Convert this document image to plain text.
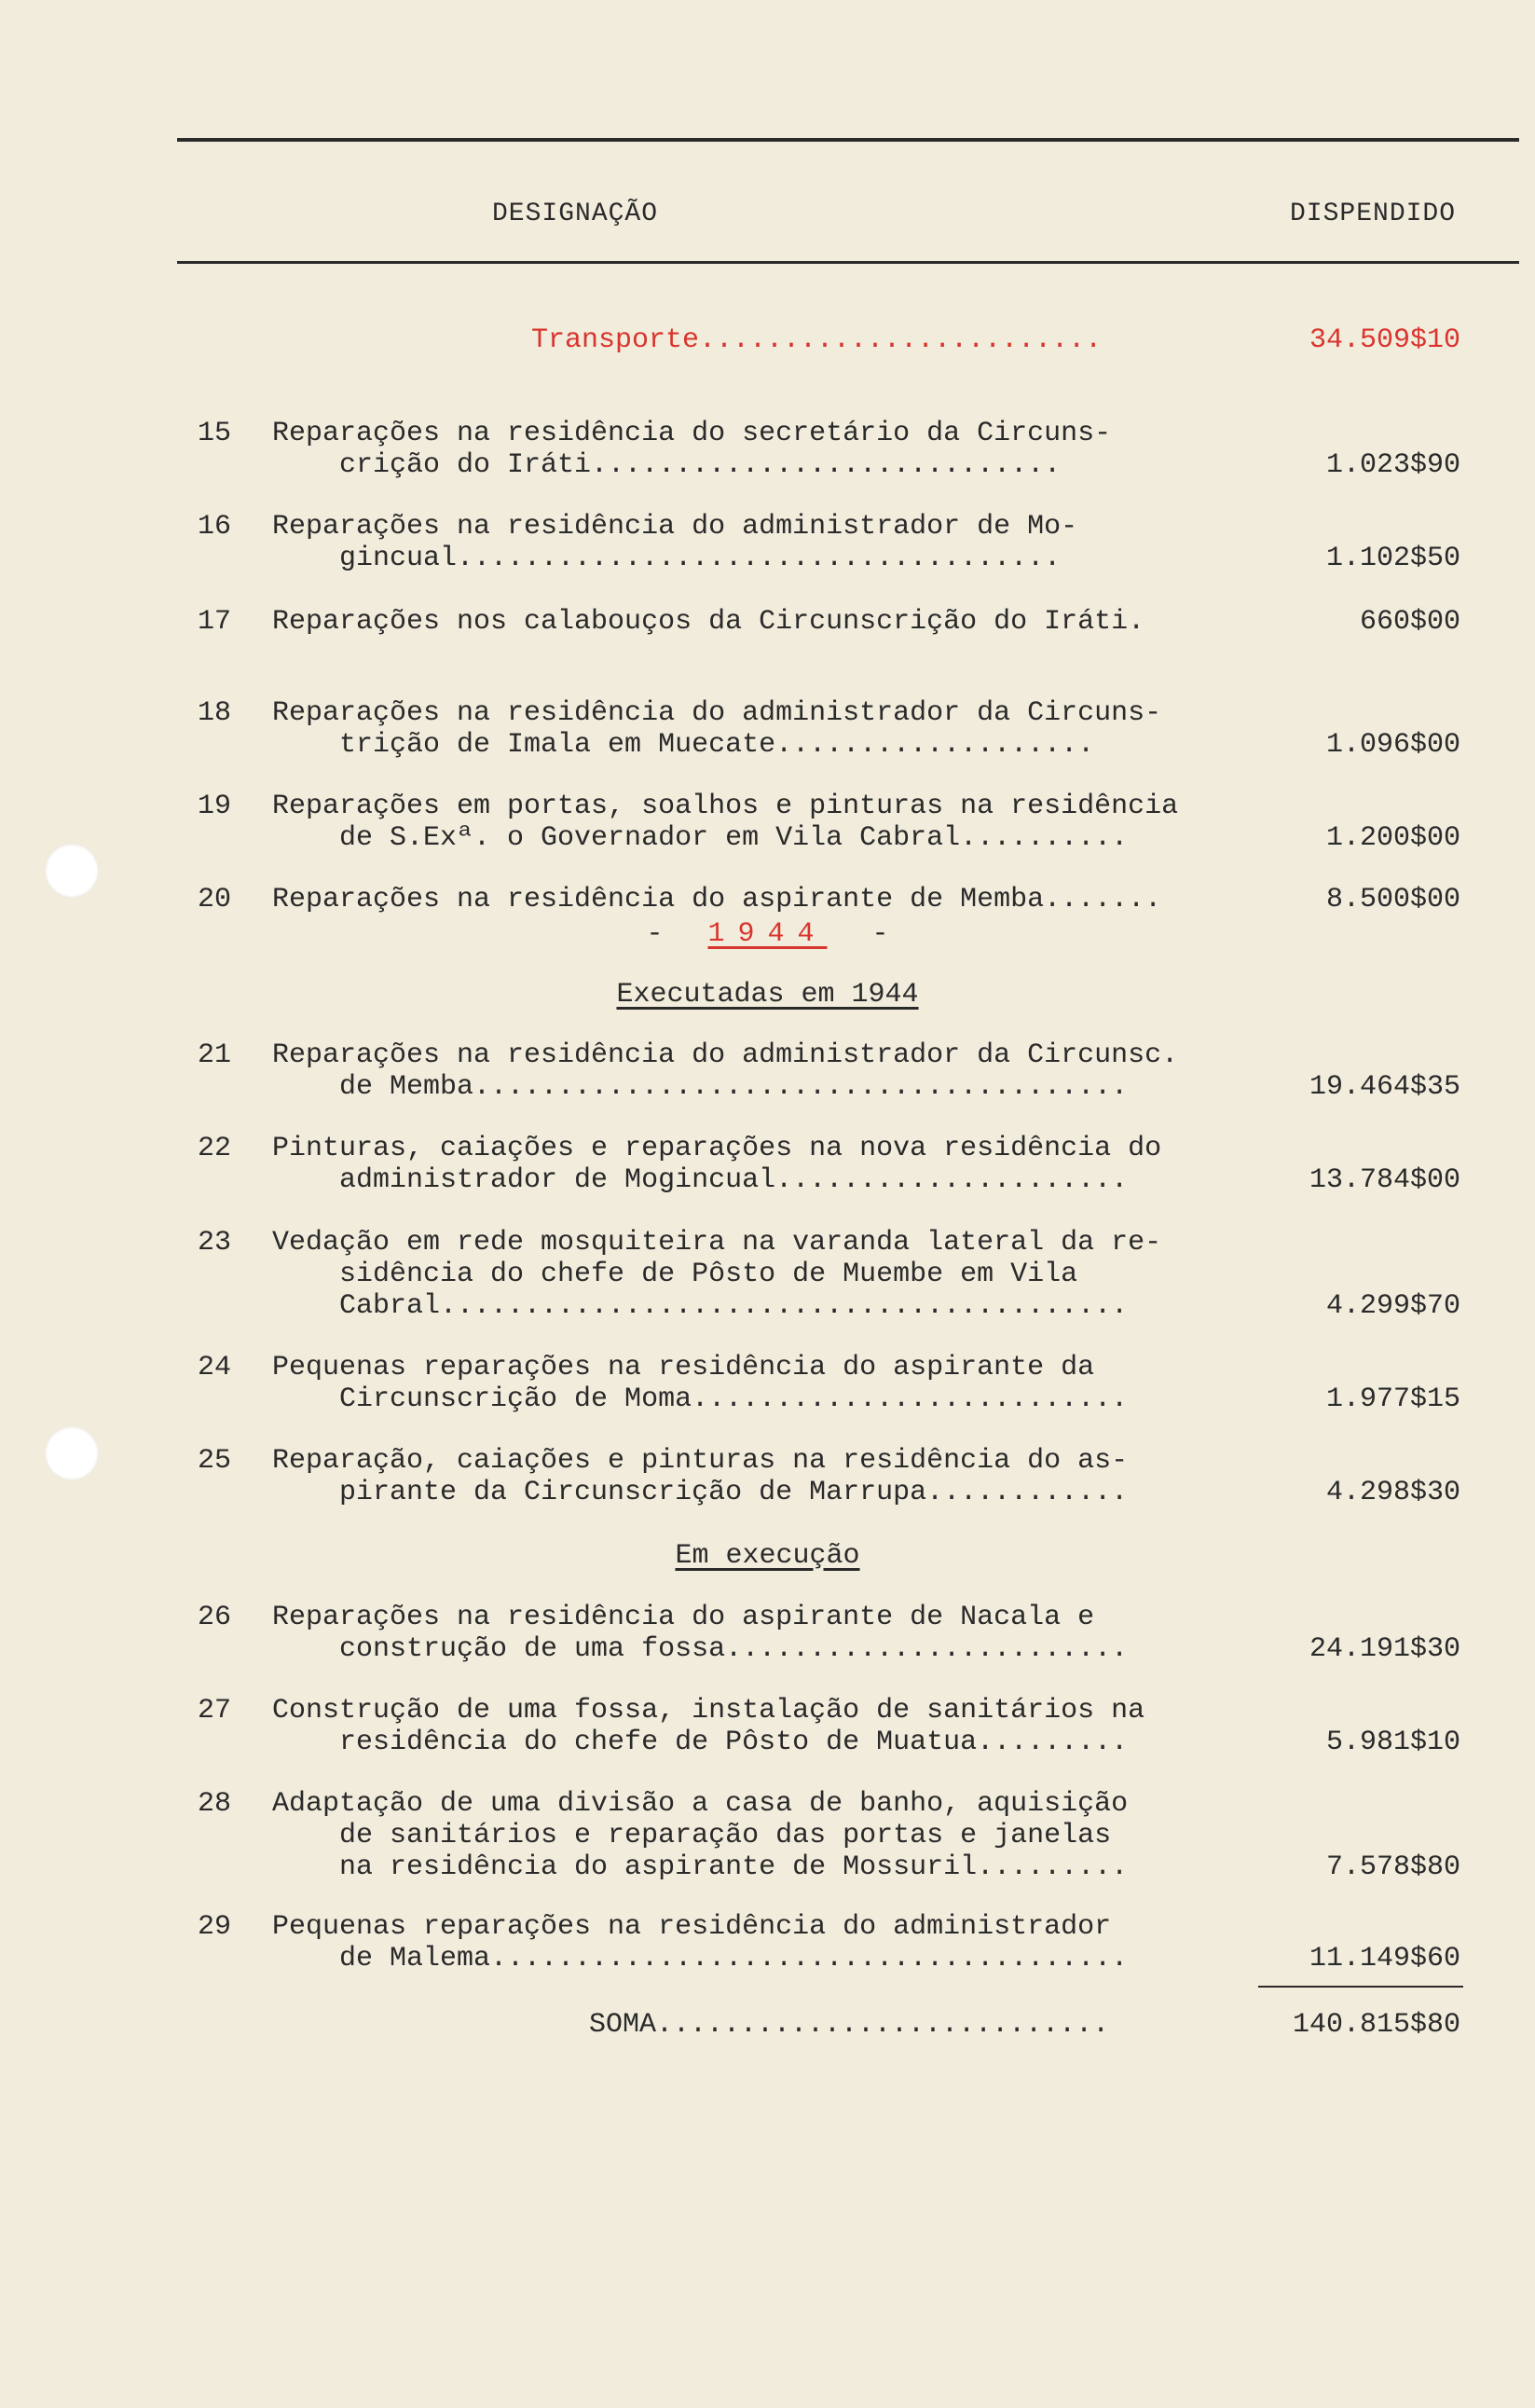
DESIGNAÇÃO	DISPENDIDO
Transporte........................	34.509$10
15	Reparações na residência do secretário da Circuns-
crição do Iráti............................	1.023$90
16	Reparações na residência do administrador de Mo-
gincual....................................	1.102$50
17	Reparações nos calabouços da Circunscrição do Iráti.	660$00
18	Reparações na residência do administrador da Circuns-
trição de Imala em Muecate...................	1.096$00
19	Reparações em portas, soalhos e pinturas na residência
de S.Exª. o Governador em Vila Cabral..........	1.200$00
20	Reparações na residência do aspirante de Memba.......	8.500$00
21	Reparações na residência do administrador da Circunsc.
de Memba.......................................	19.464$35
22	Pinturas, caiações e reparações na nova residência do
administrador de Mogincual.....................	13.784$00
23	Vedação em rede mosquiteira na varanda lateral da re-
sidência do chefe de Pôsto de Muembe em Vila
Cabral.........................................	4.299$70
24	Pequenas reparações na residência do aspirante da
Circunscrição de Moma..........................	1.977$15
25	Reparação, caiações e pinturas na residência do as-
pirante da Circunscrição de Marrupa............	4.298$30
26	Reparações na residência do aspirante de Nacala e
construção de uma fossa........................	24.191$30
27	Construção de uma fossa, instalação de sanitários na
residência do chefe de Pôsto de Muatua.........	5.981$10
28	Adaptação de uma divisão a casa de banho, aquisição
de sanitários e reparação das portas e janelas
na residência do aspirante de Mossuril.........	7.578$80
29	Pequenas reparações na residência do administrador
de Malema......................................	11.149$60
- 1944 -
Executadas em 1944
Em execução
SOMA...........................	140.815$80
